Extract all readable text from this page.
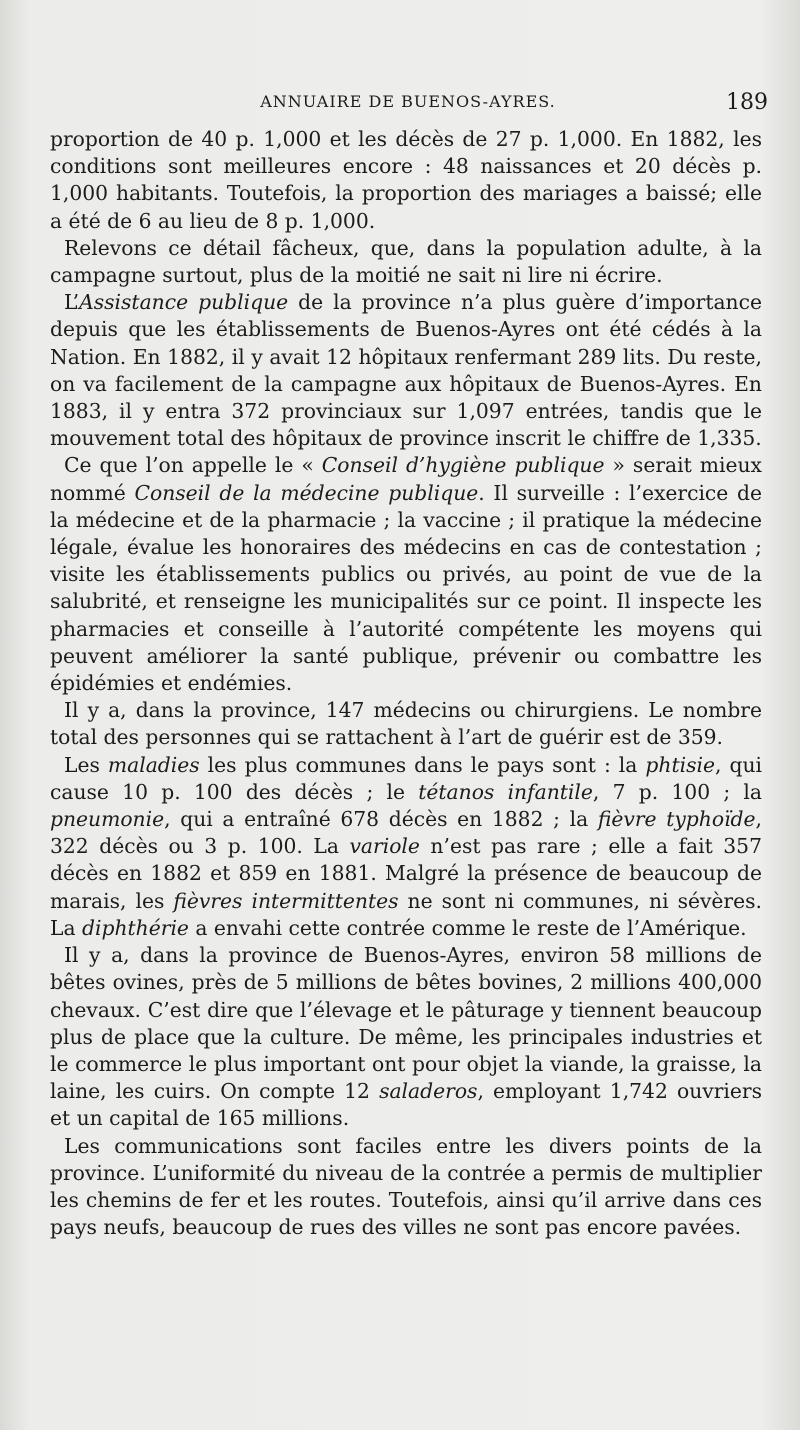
ANNUAIRE DE BUENOS-AYRES.	189

proportion de 40 p. 1,000 et les décès de 27 p. 1,000. En 1882, les conditions sont meilleures encore : 48 naissances et 20 décès p. 1,000 habitants. Toutefois, la proportion des mariages a baissé; elle a été de 6 au lieu de 8 p. 1,000.

Relevons ce détail fâcheux, que, dans la population adulte, à la campagne surtout, plus de la moitié ne sait ni lire ni écrire.

L’Assistance publique de la province n’a plus guère d’importance depuis que les établissements de Buenos-Ayres ont été cédés à la Nation. En 1882, il y avait 12 hôpitaux renfermant 289 lits. Du reste, on va facilement de la campagne aux hôpitaux de Buenos-Ayres. En 1883, il y entra 372 provinciaux sur 1,097 entrées, tandis que le mouvement total des hôpitaux de province inscrit le chiffre de 1,335.

Ce que l’on appelle le « Conseil d’hygiène publique » serait mieux nommé Conseil de la médecine publique. Il surveille : l’exercice de la médecine et de la pharmacie ; la vaccine ; il pratique la médecine légale, évalue les honoraires des médecins en cas de contestation ; visite les établissements publics ou privés, au point de vue de la salubrité, et renseigne les municipalités sur ce point. Il inspecte les pharmacies et conseille à l’autorité compétente les moyens qui peuvent améliorer la santé publique, prévenir ou combattre les épidémies et endémies.

Il y a, dans la province, 147 médecins ou chirurgiens. Le nombre total des personnes qui se rattachent à l’art de guérir est de 359.

Les maladies les plus communes dans le pays sont : la phtisie, qui cause 10 p. 100 des décès ; le tétanos infantile, 7 p. 100 ; la pneumonie, qui a entraîné 678 décès en 1882 ; la fièvre typhoïde, 322 décès ou 3 p. 100. La variole n’est pas rare ; elle a fait 357 décès en 1882 et 859 en 1881. Malgré la présence de beaucoup de marais, les fièvres intermittentes ne sont ni communes, ni sévères. La diphthérie a envahi cette contrée comme le reste de l’Amérique.

Il y a, dans la province de Buenos-Ayres, environ 58 millions de bêtes ovines, près de 5 millions de bêtes bovines, 2 millions 400,000 chevaux. C’est dire que l’élevage et le pâturage y tiennent beaucoup plus de place que la culture. De même, les principales industries et le commerce le plus important ont pour objet la viande, la graisse, la laine, les cuirs. On compte 12 saladeros, employant 1,742 ouvriers et un capital de 165 millions.

Les communications sont faciles entre les divers points de la province. L’uniformité du niveau de la contrée a permis de multiplier les chemins de fer et les routes. Toutefois, ainsi qu’il arrive dans ces pays neufs, beaucoup de rues des villes ne sont pas encore pavées.
